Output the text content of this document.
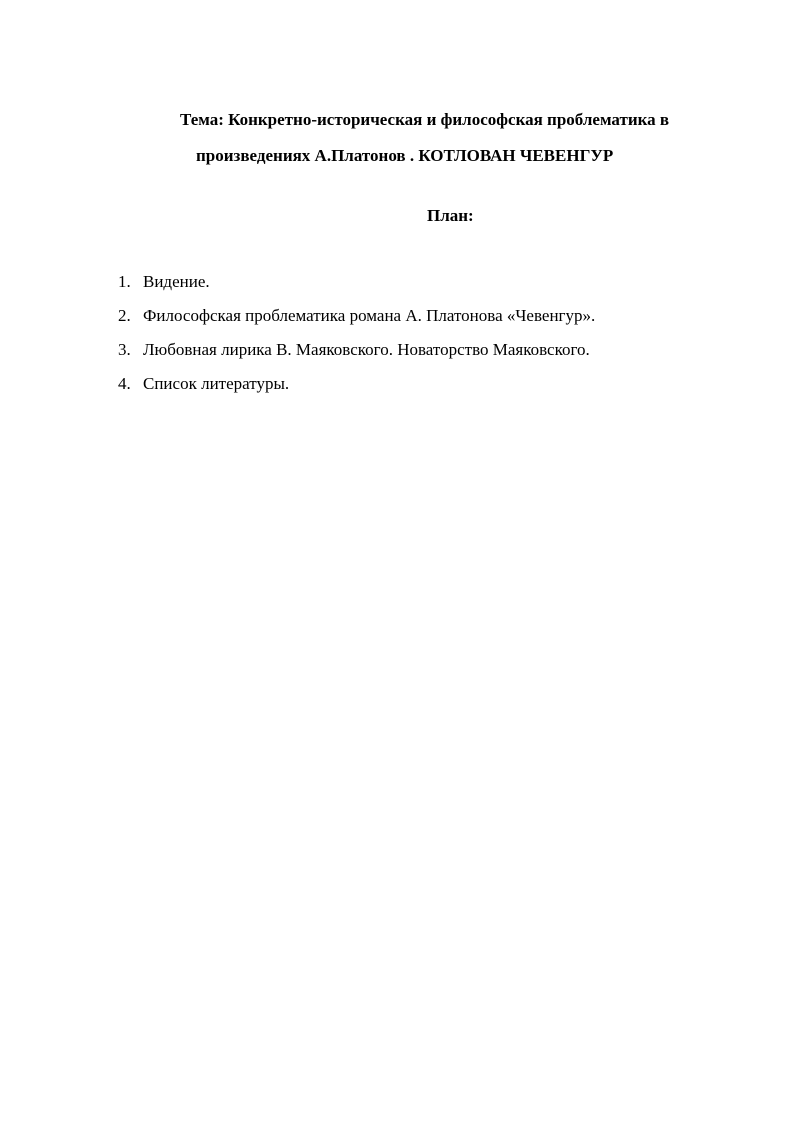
Тема: Конкретно-историческая и философская проблематика в
произведениях А.Платонов . КОТЛОВАН ЧЕВЕНГУР
План:
1. Видение.
2. Философская проблематика романа А. Платонова «Чевенгур».
3. Любовная лирика В. Маяковского. Новаторство Маяковского.
4. Список литературы.
